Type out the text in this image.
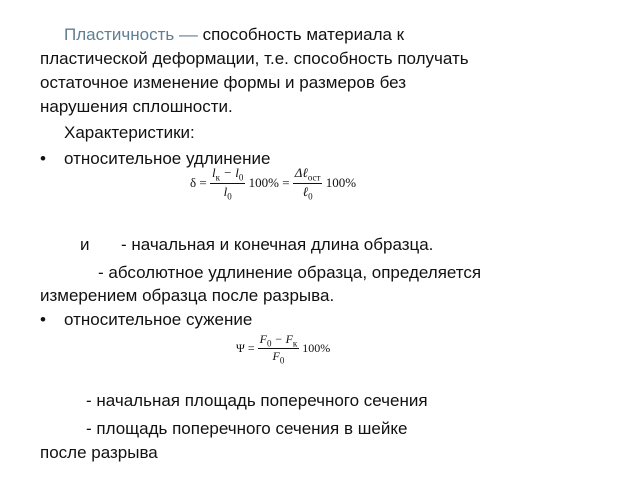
Пластичность –– способность материала к
пластической деформации, т.е. способность получать
остаточное изменение формы и размеров без
нарушения сплошности.
Характеристики:
• относительное удлинение
$\delta = \frac{l_к - l_0}{l_0} 100\% = \frac{\Delta\ell_{ост}}{\ell_0} 100\%$
и - начальная и конечная длина образца.
- абсолютное удлинение образца, определяется
измерением образца после разрыва.
• относительное сужение
$\Psi = \frac{F_0 - F_к}{F_0} 100\%$
- начальная площадь поперечного сечения
- площадь поперечного сечения в шейке
после разрыва
